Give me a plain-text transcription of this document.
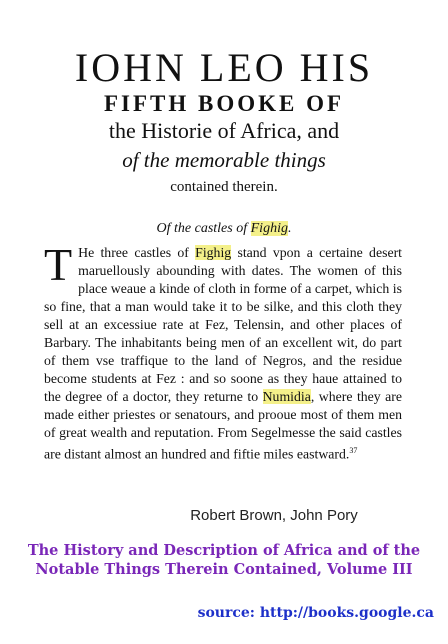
IOHN LEO HIS
FIFTH BOOKE OF
the Historie of Africa, and
of the memorable things
contained therein.
Of the castles of Fighig.
T He three castles of Fighig stand vpon a certaine desert maruellously abounding with dates. The women of this place weaue a kinde of cloth in forme of a carpet, which is so fine, that a man would take it to be silke, and this cloth they sell at an excessiue rate at Fez, Telensin, and other places of Barbary. The inhabitants being men of an excellent wit, do part of them vse traffique to the land of Negros, and the residue become students at Fez : and so soone as they haue attained to the degree of a doctor, they returne to Numidia, where they are made either priestes or senatours, and prooue most of them men of great wealth and reputation. From Segelmesse the said castles are distant almost an hundred and fiftie miles eastward.$^{37}$

Robert Brown, John Pory
The History and Description of Africa and of the
Notable Things Therein Contained, Volume III
source: http://books.google.ca
